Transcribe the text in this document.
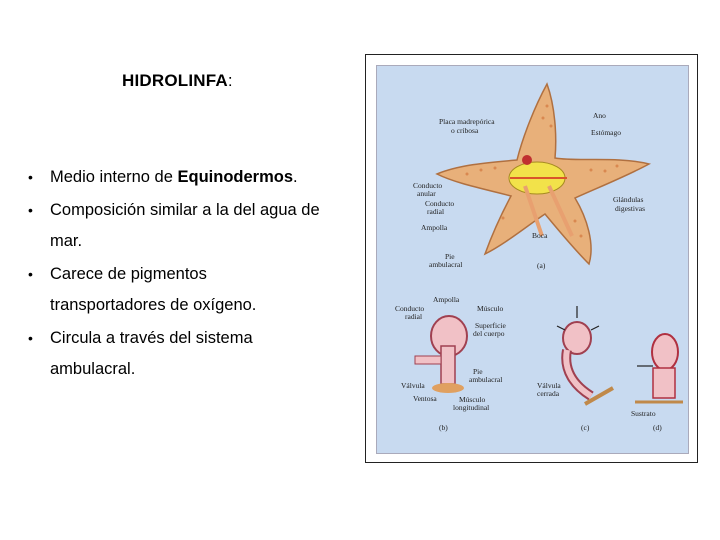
HIDROLINFA:
• Medio interno de Equinodermos.
• Composición similar a la del agua de
mar.
• Carece de pigmentos
transportadores de oxígeno.
• Circula a través del sistema
ambulacral.
Placa madrepórica
o cribosa
Ano
Estómago
Conducto
anular
Conducto
radial
Glándulas
digestivas
Ampolla
Boca
Pie
ambulacral	(a)
Conducto
radial
Ampolla
Músculo
Superficie
del cuerpo
Pie
ambulacral
Válvula
Ventosa	Músculo
longitudinal
(b)
Válvula
cerrada
(c)
Sustrato
(d)
